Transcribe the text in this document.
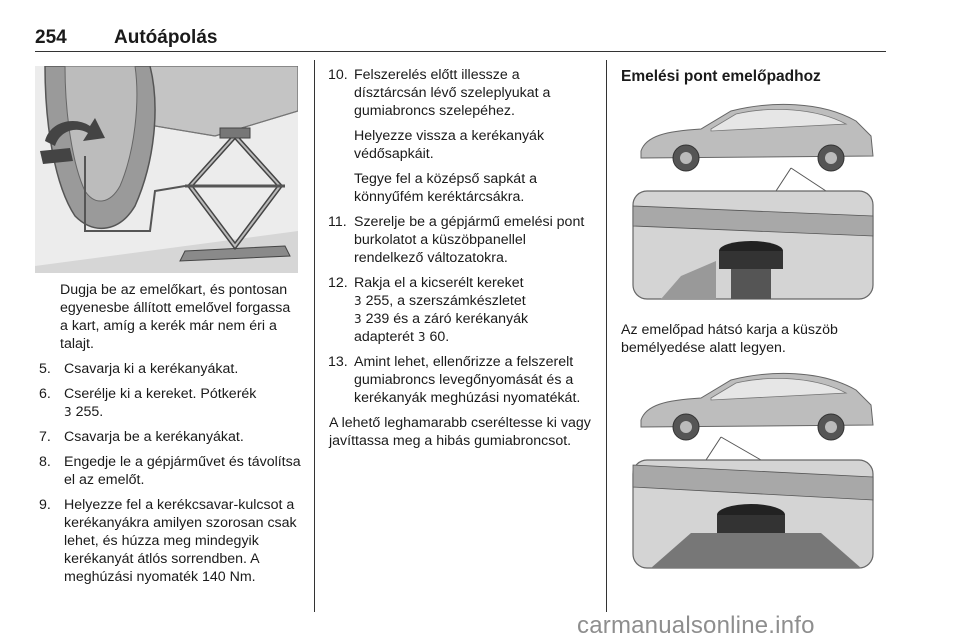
254 Autóápolás

Dugja be az emelőkart, és pontosan egyenesbe állított emelővel forgassa a kart, amíg a kerék már nem éri a talajt.

5. Csavarja ki a kerékanyákat.
6. Cserélje ki a kereket. Pótkerék
3 255.
7. Csavarja be a kerékanyákat.
8. Engedje le a gépjárművet és távolítsa el az emelőt.
9. Helyezze fel a kerékcsavar-kulcsot a kerékanyákra amilyen szorosan csak lehet, és húzza meg mindegyik kerékanyát átlós sorrendben. A meghúzási nyomaték 140 Nm.
10. Felszerelés előtt illessze a dísztárcsán lévő szeleplyukat a gumiabroncs szelepéhez.

Helyezze vissza a kerékanyák védősapkáit.

Tegye fel a középső sapkát a könnyűfém keréktárcsákra.

11. Szerelje be a gépjármű emelési pont burkolatot a küszöbpanellel rendelkező változatokra.
12. Rakja el a kicserélt kereket
3 255, a szerszámkészletet
3 239 és a záró kerékanyák
adapterét 3 60.
13. Amint lehet, ellenőrizze a felszerelt gumiabroncs levegőnyomását és a kerékanyák meghúzási nyomatékát.

A lehető leghamarabb cseréltesse ki vagy javíttassa meg a hibás gumiabroncsot.

Emelési pont emelőpadhoz
Az emelőpad hátsó karja a küszöb bemélyedése alatt legyen.
carmanualsonline.info
